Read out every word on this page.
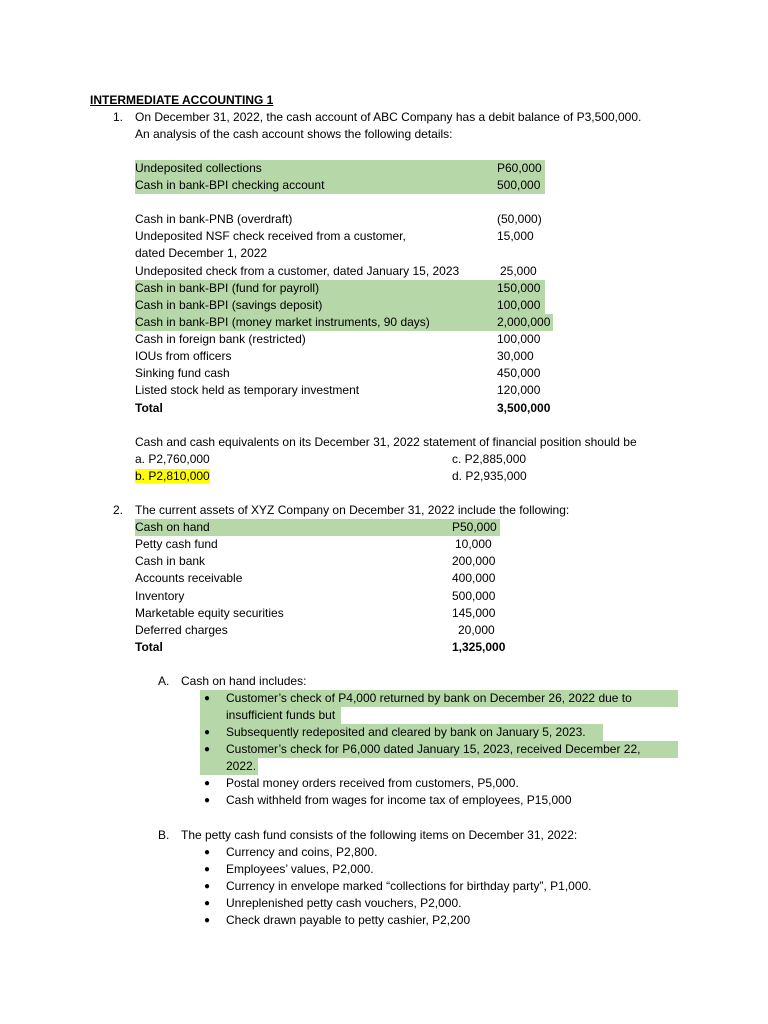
INTERMEDIATE ACCOUNTING 1
1. On December 31, 2022, the cash account of ABC Company has a debit balance of P3,500,000.
An analysis of the cash account shows the following details:
Undeposited collections	P60,000
Cash in bank-BPI checking account	500,000
Cash in bank-PNB (overdraft)	(50,000)
Undeposited NSF check received from a customer,	15,000
dated December 1, 2022
Undeposited check from a customer, dated January 15, 2023	25,000
Cash in bank-BPI (fund for payroll)	150,000
Cash in bank-BPI (savings deposit)	100,000
Cash in bank-BPI (money market instruments, 90 days)	2,000,000
Cash in foreign bank (restricted)	100,000
IOUs from officers	30,000
Sinking fund cash	450,000
Listed stock held as temporary investment	120,000
Total	3,500,000
Cash and cash equivalents on its December 31, 2022 statement of financial position should be
a. P2,760,000	c. P2,885,000
b. P2,810,000	d. P2,935,000
2. The current assets of XYZ Company on December 31, 2022 include the following:
Cash on hand	P50,000
Petty cash fund	10,000
Cash in bank	200,000
Accounts receivable	400,000
Inventory	500,000
Marketable equity securities	145,000
Deferred charges	20,000
Total	1,325,000
A. Cash on hand includes:
● Customer’s check of P4,000 returned by bank on December 26, 2022 due to
insufficient funds but
● Subsequently redeposited and cleared by bank on January 5, 2023.
● Customer’s check for P6,000 dated January 15, 2023, received December 22,
2022.
● Postal money orders received from customers, P5,000.
● Cash withheld from wages for income tax of employees, P15,000
B. The petty cash fund consists of the following items on December 31, 2022:
● Currency and coins, P2,800.
● Employees’ values, P2,000.
● Currency in envelope marked “collections for birthday party”, P1,000.
● Unreplenished petty cash vouchers, P2,000.
● Check drawn payable to petty cashier, P2,200
